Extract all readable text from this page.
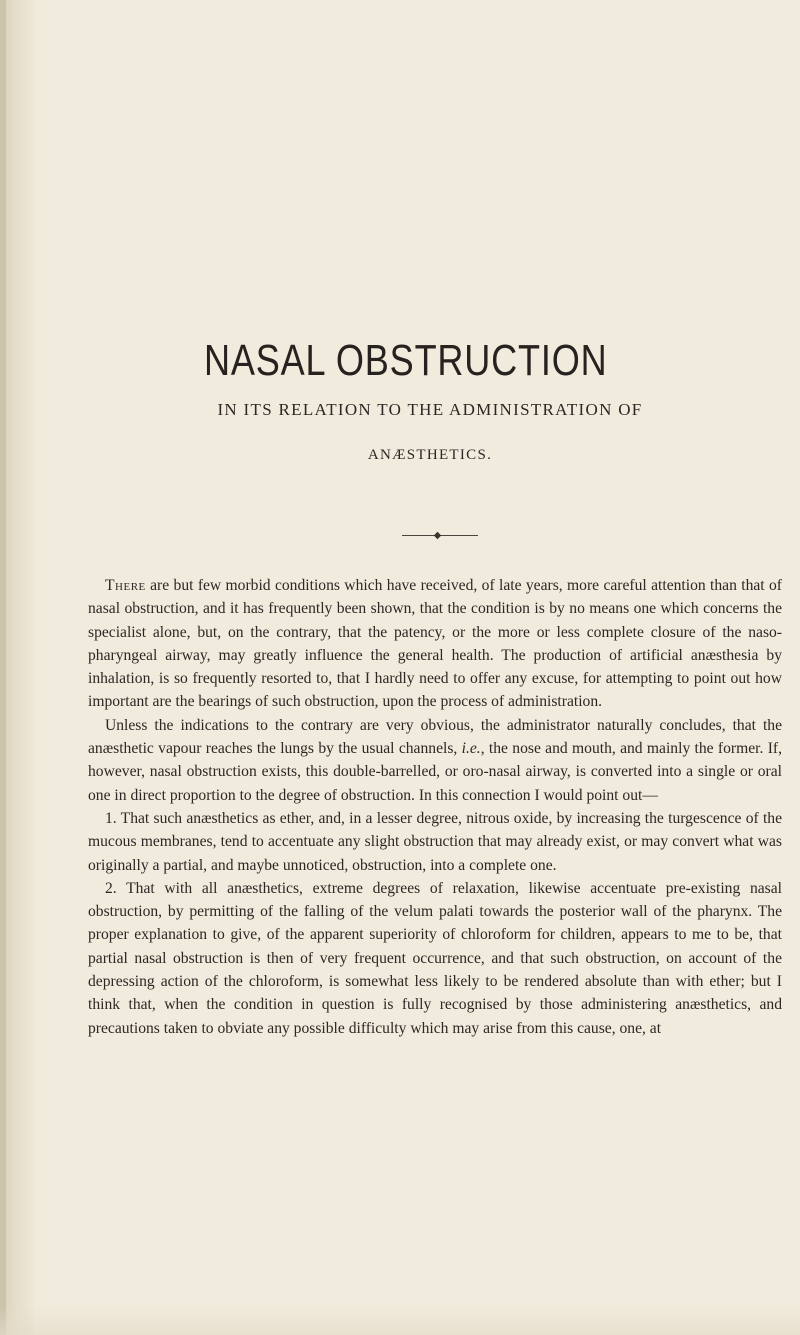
NASAL OBSTRUCTION
IN ITS RELATION TO THE ADMINISTRATION OF
ANÆSTHETICS.

There are but few morbid conditions which have received, of late years, more careful attention than that of nasal obstruction, and it has frequently been shown, that the condition is by no means one which concerns the specialist alone, but, on the contrary, that the patency, or the more or less complete closure of the naso-pharyngeal airway, may greatly influence the general health. The production of artificial anæsthesia by inhalation, is so frequently resorted to, that I hardly need to offer any excuse, for attempting to point out how important are the bearings of such obstruction, upon the process of administration.

Unless the indications to the contrary are very obvious, the administrator naturally concludes, that the anæsthetic vapour reaches the lungs by the usual channels, i.e., the nose and mouth, and mainly the former. If, however, nasal obstruction exists, this double-barrelled, or oro-nasal airway, is converted into a single or oral one in direct proportion to the degree of obstruction. In this connection I would point out—

1. That such anæsthetics as ether, and, in a lesser degree, nitrous oxide, by increasing the turgescence of the mucous membranes, tend to accentuate any slight obstruction that may already exist, or may convert what was originally a partial, and maybe unnoticed, obstruction, into a complete one.

2. That with all anæsthetics, extreme degrees of relaxation, likewise accentuate pre-existing nasal obstruction, by permitting of the falling of the velum palati towards the posterior wall of the pharynx. The proper explanation to give, of the apparent superiority of chloroform for children, appears to me to be, that partial nasal obstruction is then of very frequent occurrence, and that such obstruction, on account of the depressing action of the chloroform, is somewhat less likely to be rendered absolute than with ether; but I think that, when the condition in question is fully recognised by those administering anæsthetics, and precautions taken to obviate any possible difficulty which may arise from this cause, one, at
